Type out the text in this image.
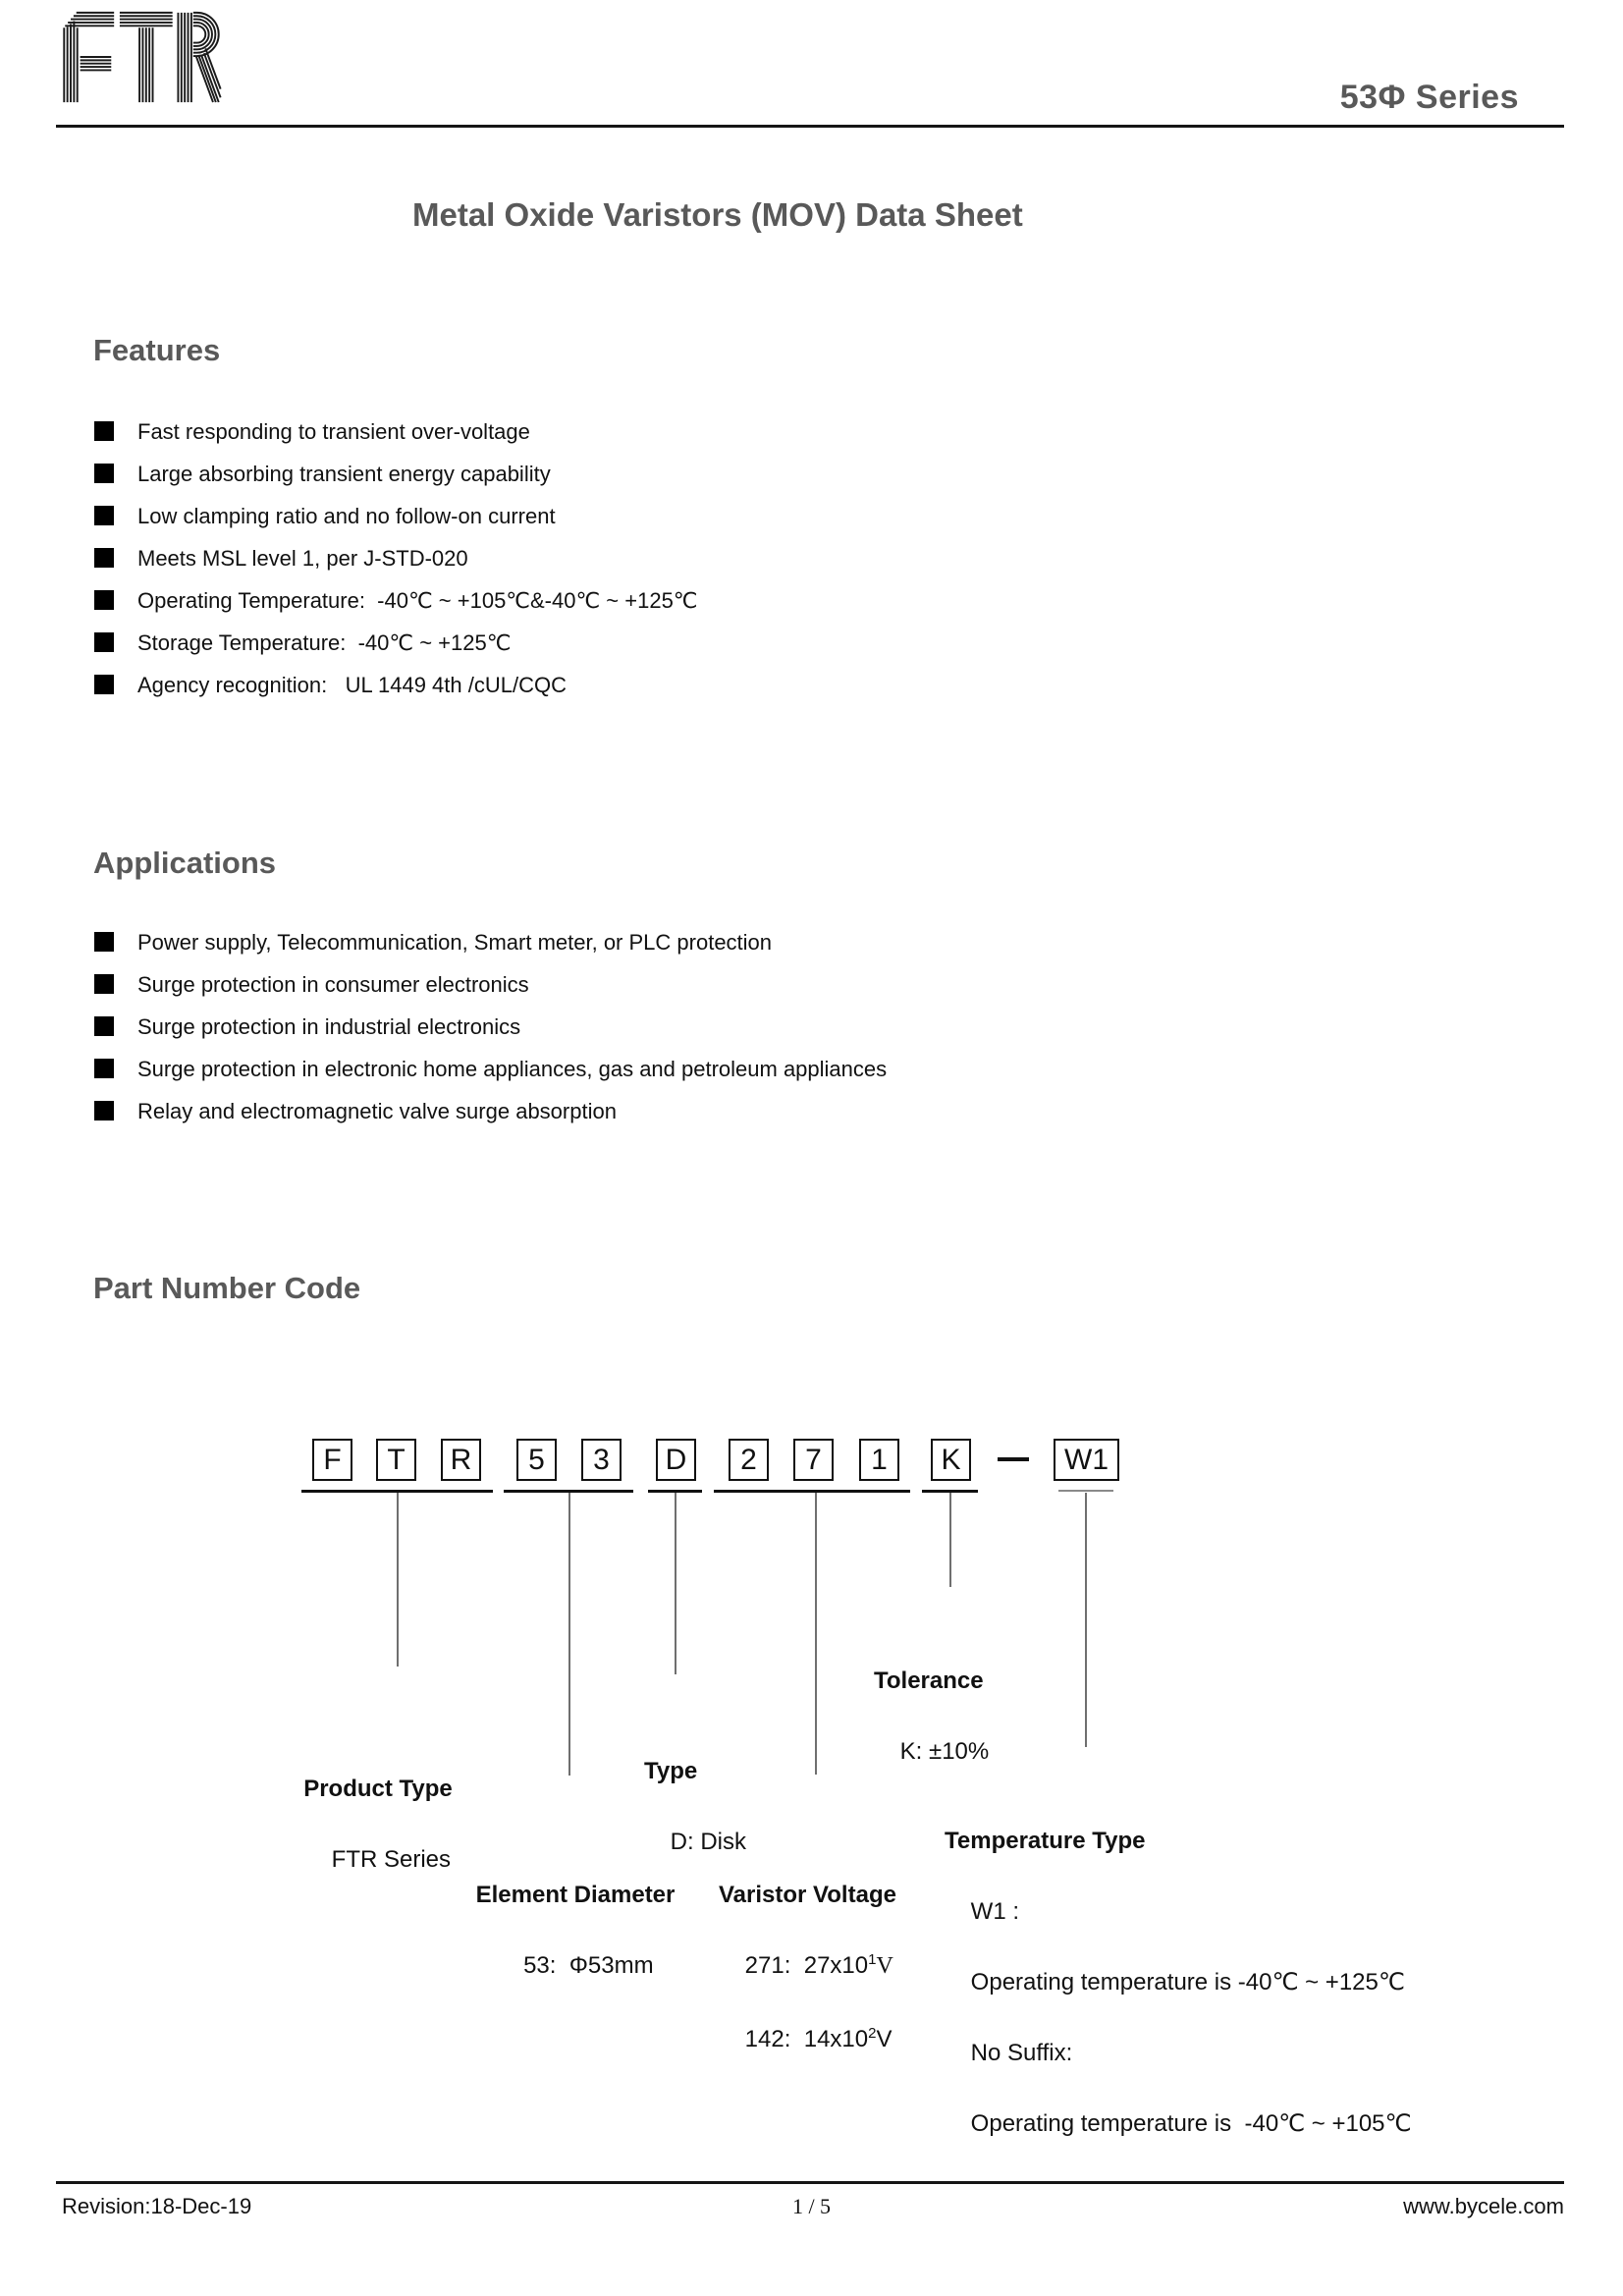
53Φ Series
Metal Oxide Varistors (MOV) Data Sheet
Features
Fast responding to transient over-voltage
Large absorbing transient energy capability
Low clamping ratio and no follow-on current
Meets MSL level 1, per J-STD-020
Operating Temperature:  -40℃ ~ +105℃&-40℃ ~ +125℃
Storage Temperature:  -40℃ ~ +125℃
Agency recognition:   UL 1449 4th /cUL/CQC
Applications
Power supply, Telecommunication, Smart meter, or PLC protection
Surge protection in consumer electronics
Surge protection in industrial electronics
Surge protection in electronic home appliances, gas and petroleum appliances
Relay and electromagnetic valve surge absorption
Part Number Code
F	T	R	5	3	D	2	7	1	K	W1

Tolerance

K: ±10%

Product Type

FTR Series

Type

D: Disk

Element Diameter

53:  Φ53mm

Varistor Voltage

271:  $27x10^1V$

142:  $14x10^2V$

Temperature Type

W1 :

Operating temperature is -40℃ ~ +125℃

No Suffix:

Operating temperature is  -40℃ ~ +105℃

Revision:18-Dec-19	1 / 5	www.bycele.com
